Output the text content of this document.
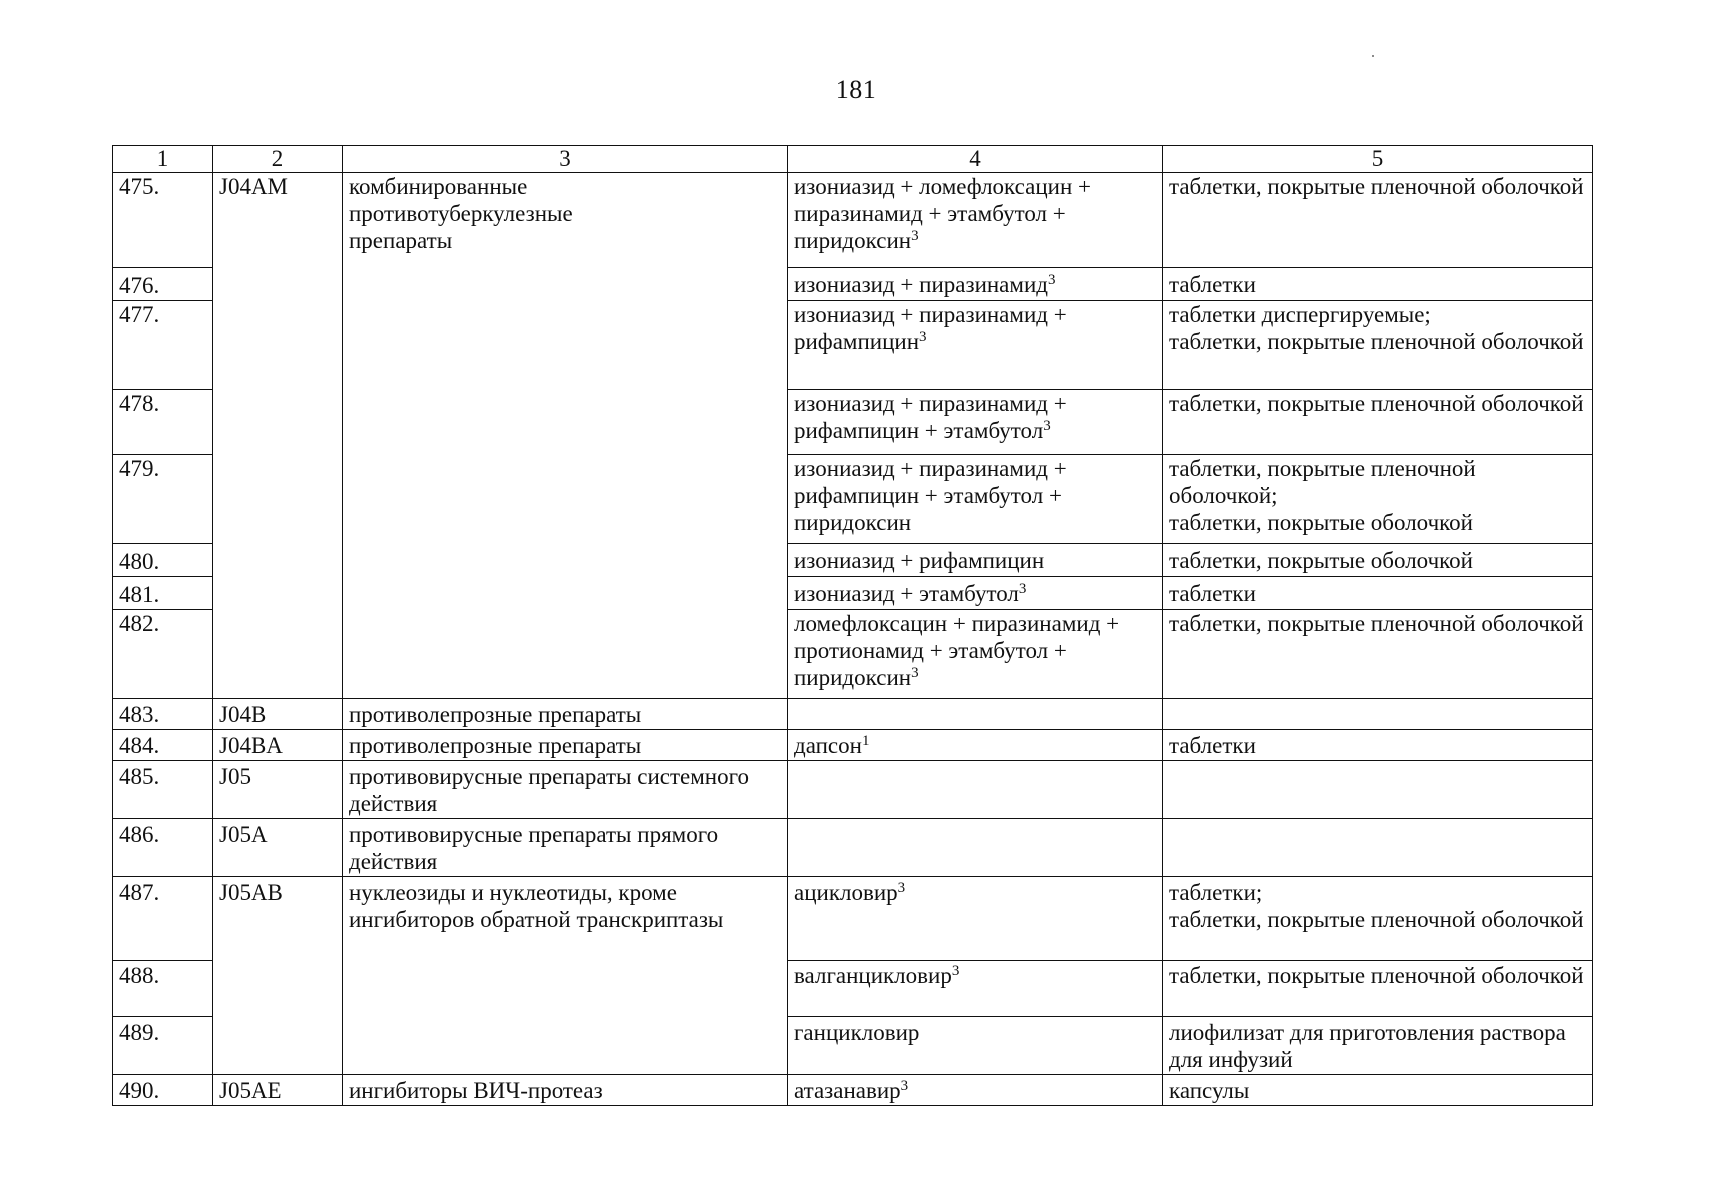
181
1	2	3	4	5
475.	J04AM	комбинированные противотуберкулезные препараты	изониазид + ломефлоксацин + пиразинамид + этамбутол + пиридоксин$^3$	таблетки, покрытые пленочной оболочкой

476.			изониазид + пиразинамид$^3$	таблетки

477.			изониазид + пиразинамид + рифампицин$^3$	таблетки диспергируемые;
таблетки, покрытые пленочной оболочкой

478.			изониазид + пиразинамид + рифампицин + этамбутол$^3$	таблетки, покрытые пленочной оболочкой

479.			изониазид + пиразинамид + рифампицин + этамбутол + пиридоксин	таблетки, покрытые пленочной оболочкой;
таблетки, покрытые оболочкой

480.			изониазид + рифампицин	таблетки, покрытые оболочкой

481.			изониазид + этамбутол$^3$	таблетки

482.			ломефлоксацин + пиразинамид + протионамид + этамбутол + пиридоксин$^3$	таблетки, покрытые пленочной оболочкой

483.	J04B	противолепрозные препараты		

484.	J04BA	противолепрозные препараты	дапсон$^1$	таблетки

485.	J05	противовирусные препараты системного действия		

486.	J05A	противовирусные препараты прямого действия		

487.	J05AB	нуклеозиды и нуклеотиды, кроме ингибиторов обратной транскриптазы	ацикловир$^3$	таблетки;
таблетки, покрытые пленочной оболочкой

488.			валганцикловир$^3$	таблетки, покрытые пленочной оболочкой

489.			ганцикловир	лиофилизат для приготовления раствора для инфузий

490.	J05AE	ингибиторы ВИЧ-протеаз	атазанавир$^3$	капсулы
